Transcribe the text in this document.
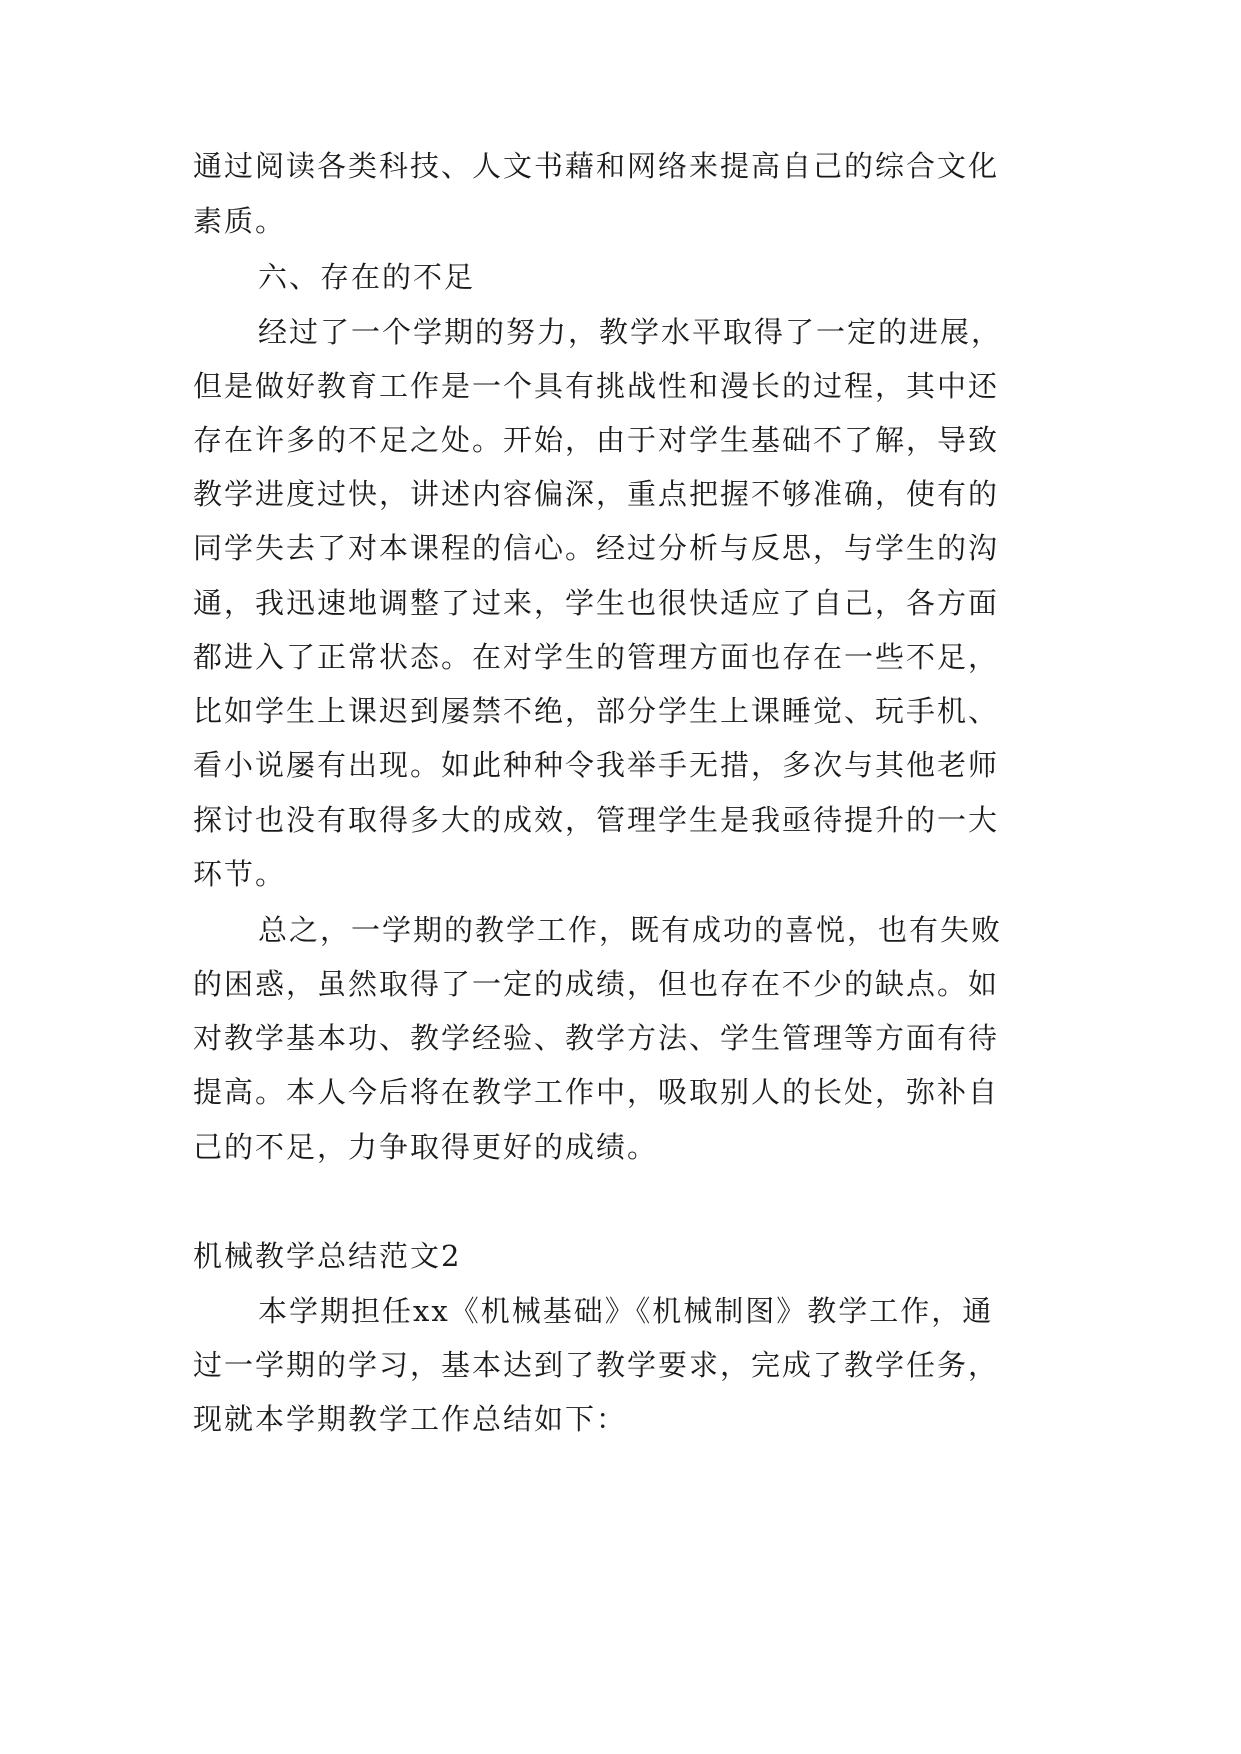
通过阅读各类科技、人文书藉和网络来提高自己的综合文化
素质。
六、存在的不足
经过了一个学期的努力，教学水平取得了一定的进展，
但是做好教育工作是一个具有挑战性和漫长的过程，其中还
存在许多的不足之处。开始，由于对学生基础不了解，导致
教学进度过快，讲述内容偏深，重点把握不够准确，使有的
同学失去了对本课程的信心。经过分析与反思，与学生的沟
通，我迅速地调整了过来，学生也很快适应了自己，各方面
都进入了正常状态。在对学生的管理方面也存在一些不足，
比如学生上课迟到屡禁不绝，部分学生上课睡觉、玩手机、
看小说屡有出现。如此种种令我举手无措，多次与其他老师
探讨也没有取得多大的成效，管理学生是我亟待提升的一大
环节。
总之，一学期的教学工作，既有成功的喜悦，也有失败
的困惑，虽然取得了一定的成绩，但也存在不少的缺点。如
对教学基本功、教学经验、教学方法、学生管理等方面有待
提高。本人今后将在教学工作中，吸取别人的长处，弥补自
己的不足，力争取得更好的成绩。
机械教学总结范文2
本学期担任xx《机械基础》《机械制图》教学工作，通
过一学期的学习，基本达到了教学要求，完成了教学任务，
现就本学期教学工作总结如下：
